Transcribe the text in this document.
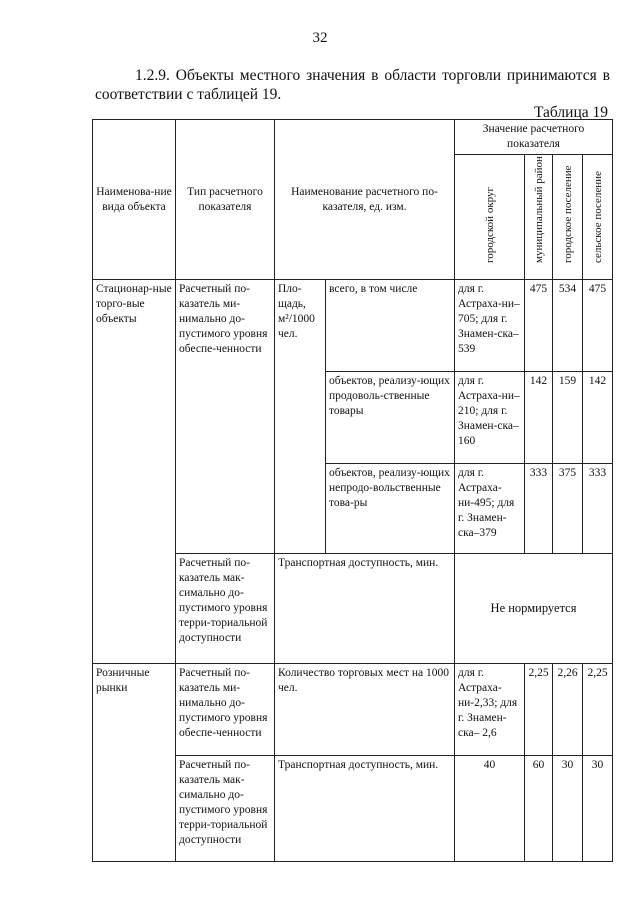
32
1.2.9. Объекты местного значения в области торговли принимаются в соответствии с таблицей 19.
Таблица 19
Наименова-ние вида объекта	Тип расчетного показателя	Наименование расчетного по-казателя, ед. изм.		Значение расчетного показателя			

				городской округ	муниципальный район	городское поселение	сельское поселение

Стационар-ные торго-вые объекты	Расчетный по-казатель ми-нимально до-пустимого уровня обеспе-ченности	Пло-щадь, м²/1000 чел.	всего, в том числе	для г. Астраха-ни–705; для г. Знамен-ска–539	475	534	475
			объектов, реализу-ющих продоволь-ственные товары	для г. Астраха-ни–210; для г. Знамен-ска–160	142	159	142
			объектов, реализу-ющих непродо-вольственные това-ры	для г. Астраха-ни-495; для г. Знамен-ска–379	333	375	333
	Расчетный по-казатель мак-симально до-пустимого уровня терри-ториальной доступности	Транспортная доступность, мин.		Не нормируется			
Розничные рынки	Расчетный по-казатель ми-нимально до-пустимого уровня обеспе-ченности	Количество торговых мест на 1000 чел.		для г. Астраха-ни-2,33; для г. Знамен-ска– 2,6	2,25	2,26	2,25
	Расчетный по-казатель мак-симально до-пустимого уровня терри-ториальной доступности	Транспортная доступность, мин.		40	60	30	30
